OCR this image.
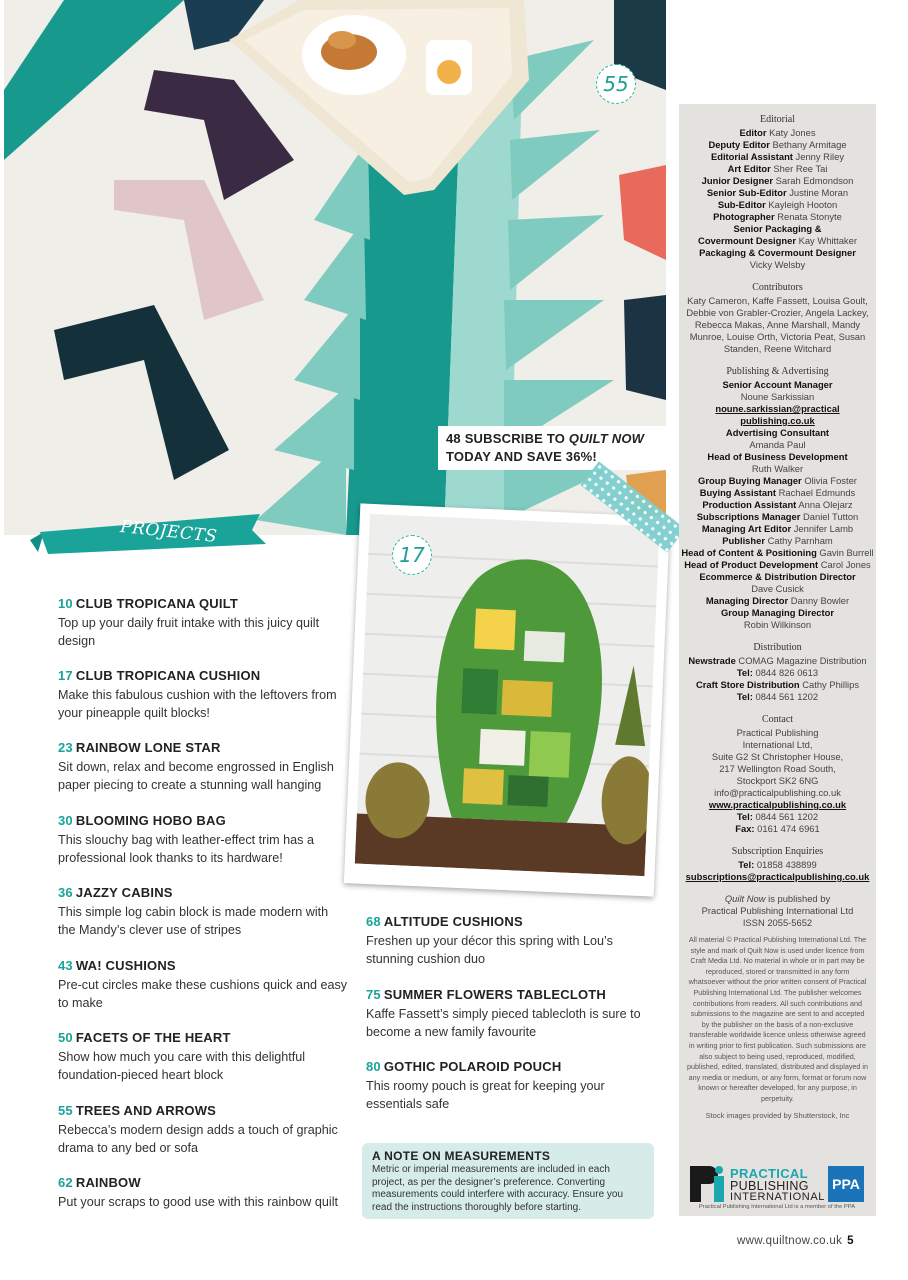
55
48 SUBSCRIBE TO QUILT NOW
TODAY AND SAVE 36%!
PROJECTS
17
10 CLUB TROPICANA QUILT
Top up your daily fruit intake with this juicy quilt design
17 CLUB TROPICANA CUSHION
Make this fabulous cushion with the leftovers from your pineapple quilt blocks!
23 RAINBOW LONE STAR
Sit down, relax and become engrossed in English paper piecing to create a stunning wall hanging
30 BLOOMING HOBO BAG
This slouchy bag with leather-effect trim has a professional look thanks to its hardware!
36 JAZZY CABINS
This simple log cabin block is made modern with the Mandy’s clever use of stripes
43 WA! CUSHIONS
Pre-cut circles make these cushions quick and easy to make
50 FACETS OF THE HEART
Show how much you care with this delightful foundation-pieced heart block
55 TREES AND ARROWS
Rebecca’s modern design adds a touch of graphic drama to any bed or sofa
62 RAINBOW
Put your scraps to good use with this rainbow quilt
68 ALTITUDE CUSHIONS
Freshen up your décor this spring with Lou’s stunning cushion duo
75 SUMMER FLOWERS TABLECLOTH
Kaffe Fassett’s simply pieced tablecloth is sure to become a new family favourite
80 GOTHIC POLAROID POUCH
This roomy pouch is great for keeping your essentials safe
A NOTE ON MEASUREMENTS
Metric or imperial measurements are included in each project, as per the designer’s preference. Converting measurements could interfere with accuracy. Ensure you read the instructions thoroughly before starting.
Editorial
Editor Katy Jones
Deputy Editor Bethany Armitage
Editorial Assistant Jenny Riley
Art Editor Sher Ree Tai
Junior Designer Sarah Edmondson
Senior Sub-Editor Justine Moran
Sub-Editor Kayleigh Hooton
Photographer Renata Stonyte
Senior Packaging &
Covermount Designer Kay Whittaker
Packaging & Covermount Designer
Vicky Welsby
Contributors
Katy Cameron, Kaffe Fassett, Louisa Goult, Debbie von Grabler-Crozier, Angela Lackey, Rebecca Makas, Anne Marshall, Mandy Munroe, Louise Orth, Victoria Peat, Susan Standen, Reene Witchard
Publishing & Advertising
Senior Account Manager
Noune Sarkissian
noune.sarkissian@practical
publishing.co.uk
Advertising Consultant
Amanda Paul
Head of Business Development
Ruth Walker
Group Buying Manager Olivia Foster
Buying Assistant Rachael Edmunds
Production Assistant Anna Olejarz
Subscriptions Manager Daniel Tutton
Managing Art Editor Jennifer Lamb
Publisher Cathy Parnham
Head of Content & Positioning Gavin Burrell
Head of Product Development Carol Jones
Ecommerce & Distribution Director
Dave Cusick
Managing Director Danny Bowler
Group Managing Director
Robin Wilkinson
Distribution
Newstrade COMAG Magazine Distribution
Tel: 0844 826 0613
Craft Store Distribution Cathy Phillips
Tel: 0844 561 1202
Contact
Practical Publishing
International Ltd,
Suite G2 St Christopher House,
217 Wellington Road South,
Stockport SK2 6NG
info@practicalpublishing.co.uk
www.practicalpublishing.co.uk
Tel: 0844 561 1202
Fax: 0161 474 6961
Subscription Enquiries
Tel: 01858 438899
subscriptions@practicalpublishing.co.uk
Quilt Now is published by
Practical Publishing International Ltd
ISSN 2055-5652
All material © Practical Publishing International Ltd. The style and mark of Quilt Now is used under licence from Craft Media Ltd. No material in whole or in part may be reproduced, stored or transmitted in any form whatsoever without the prior written consent of Practical Publishing International Ltd. The publisher welcomes contributions from readers. All such contributions and submissions to the magazine are sent to and accepted by the publisher on the basis of a non-exclusive transferable worldwide licence unless otherwise agreed in writing prior to first publication. Such submissions are also subject to being used, reproduced, modified, published, edited, translated, distributed and displayed in any media or medium, or any form, format or forum now known or hereafter developed, for any purpose, in perpetuity.
Stock images provided by Shutterstock, Inc
PRACTICAL
PUBLISHING
INTERNATIONAL
PPA
Practical Publishing International Ltd is a member of the PPA
www.quiltnow.co.uk 5
